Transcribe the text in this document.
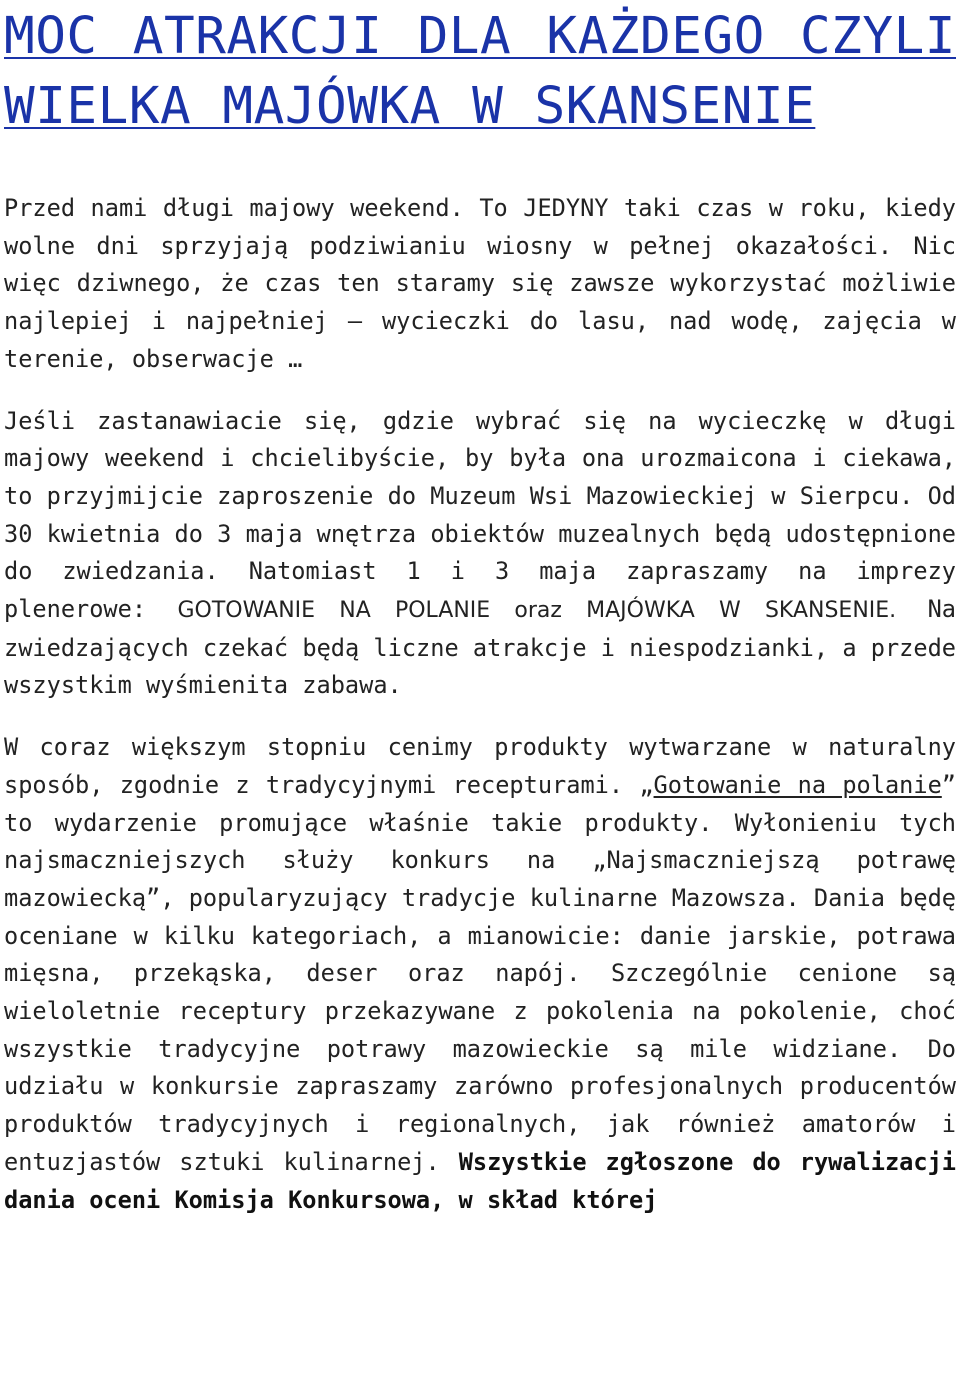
MOC ATRAKCJI DLA KAŻDEGO CZYLI WIELKA MAJÓWKA W SKANSENIE

Przed nami długi majowy weekend. To JEDYNY taki czas w roku, kiedy wolne dni sprzyjają podziwianiu wiosny w pełnej okazałości. Nic więc dziwnego, że czas ten staramy się zawsze wykorzystać możliwie najlepiej i najpełniej – wycieczki do lasu, nad wodę, zajęcia w terenie, obserwacje …

Jeśli zastanawiacie się, gdzie wybrać się na wycieczkę w długi majowy weekend i chcielibyście, by była ona urozmaicona i ciekawa, to przyjmijcie zaproszenie do Muzeum Wsi Mazowieckiej w Sierpcu. Od 30 kwietnia do 3 maja wnętrza obiektów muzealnych będą udostępnione do zwiedzania. Natomiast 1 i 3 maja zapraszamy na imprezy plenerowe: GOTOWANIE NA POLANIE oraz MAJÓWKA W SKANSENIE. Na zwiedzających czekać będą liczne atrakcje i niespodzianki, a przede wszystkim wyśmienita zabawa.

W coraz większym stopniu cenimy produkty wytwarzane w naturalny sposób, zgodnie z tradycyjnymi recepturami. „Gotowanie na polanie” to wydarzenie promujące właśnie takie produkty. Wyłonieniu tych najsmaczniejszych służy konkurs na „Najsmaczniejszą potrawę mazowiecką”, popularyzujący tradycje kulinarne Mazowsza. Dania będę oceniane w kilku kategoriach, a mianowicie: danie jarskie, potrawa mięsna, przekąska, deser oraz napój. Szczególnie cenione są wieloletnie receptury przekazywane z pokolenia na pokolenie, choć wszystkie tradycyjne potrawy mazowieckie są mile widziane. Do udziału w konkursie zapraszamy zarówno profesjonalnych producentów produktów tradycyjnych i regionalnych, jak również amatorów i entuzjastów sztuki kulinarnej. Wszystkie zgłoszone do rywalizacji dania oceni Komisja Konkursowa, w skład której
